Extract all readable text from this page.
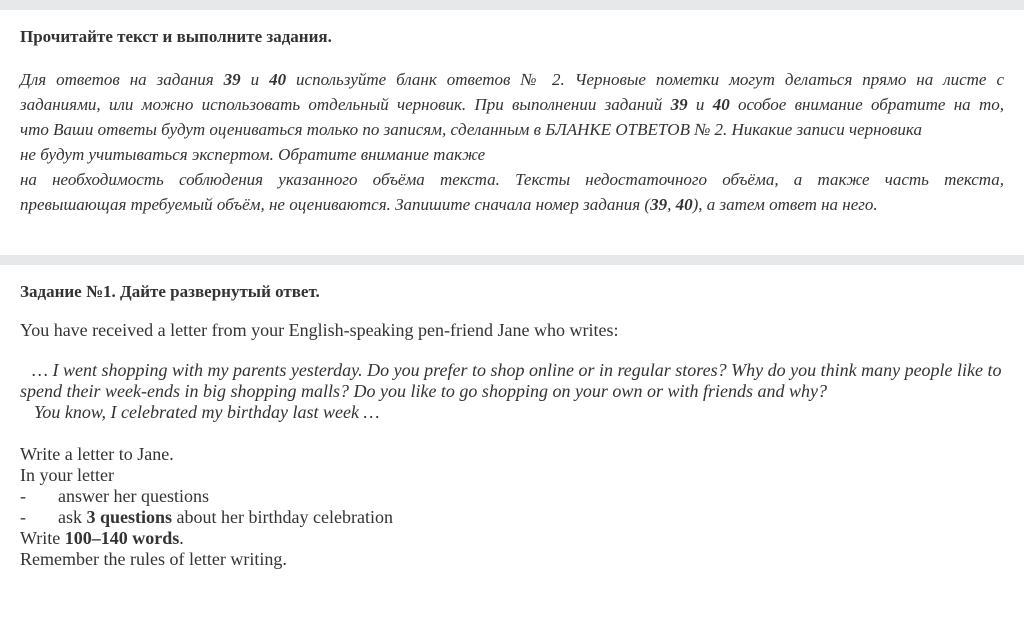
Прочитайте текст и выполните задания.
Для ответов на задания 39 и 40 используйте бланк ответов № 2. Черновые пометки могут делаться прямо на листе с
заданиями, или можно использовать отдельный черновик. При выполнении заданий 39 и 40 особое внимание обратите на то,
что Ваши ответы будут оцениваться только по записям, сделанным в БЛАНКЕ ОТВЕТОВ № 2. Никакие записи черновика
не будут учитываться экспертом. Обратите внимание также
на необходимость соблюдения указанного объёма текста. Тексты недостаточного объёма, а также часть текста,
превышающая требуемый объём, не оцениваются. Запишите сначала номер задания (39, 40), а затем ответ на него.
Задание №1. Дайте развернутый ответ.
You have received a letter from your English-speaking pen-friend Jane who writes:
… I went shopping with my parents yesterday. Do you prefer to shop online or in regular stores? Why do you think many people like to
spend their week-ends in big shopping malls? Do you like to go shopping on your own or with friends and why?
You know, I celebrated my birthday last week …
Write a letter to Jane.
In your letter
-	answer her questions
-	ask 3 questions about her birthday celebration
Write 100–140 words.
Remember the rules of letter writing.
